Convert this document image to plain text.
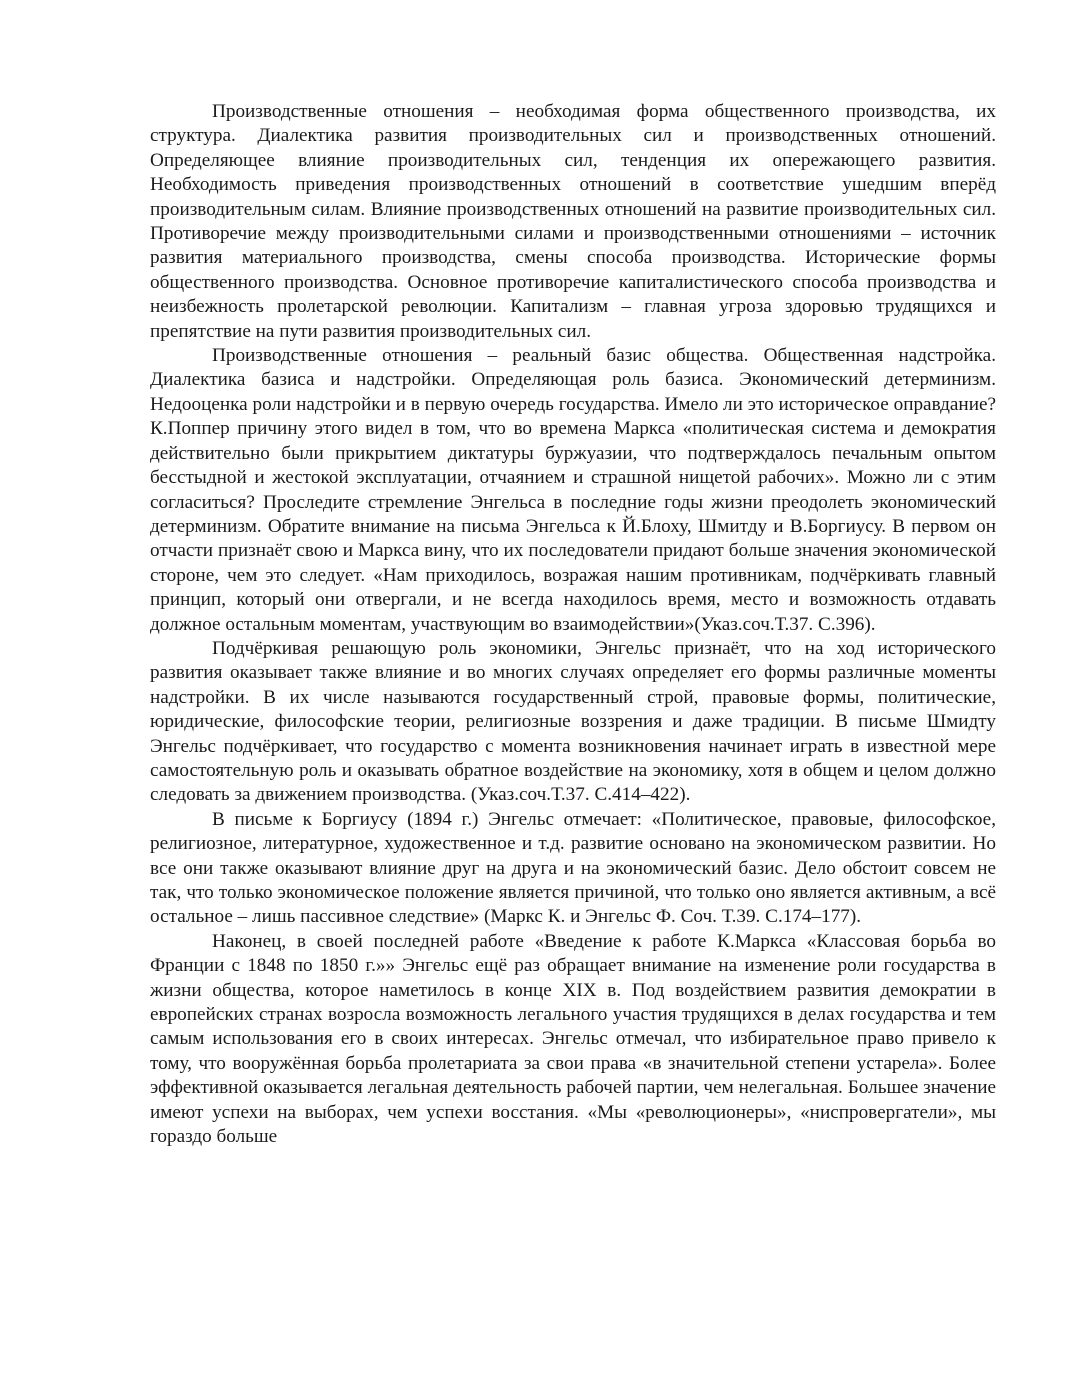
Производственные отношения – необходимая форма общественного производства, их структура. Диалектика развития производительных сил и производственных отношений. Определяющее влияние производительных сил, тенденция их опережающего развития. Необходимость приведения производственных отношений в соответствие ушедшим вперёд производительным силам. Влияние производственных отношений на развитие производительных сил. Противоречие между производительными силами и производственными отношениями – источник развития материального производства, смены способа производства. Исторические формы общественного производства. Основное противоречие капиталистического способа производства и неизбежность пролетарской революции. Капитализм – главная угроза здоровью трудящихся и препятствие на пути развития производительных сил.

Производственные отношения – реальный базис общества. Общественная надстройка. Диалектика базиса и надстройки. Определяющая роль базиса. Экономический детерминизм. Недооценка роли надстройки и в первую очередь государства. Имело ли это историческое оправдание? К.Поппер причину этого видел в том, что во времена Маркса «политическая система и демократия действительно были прикрытием диктатуры буржуазии, что подтверждалось печальным опытом бесстыдной и жестокой эксплуатации, отчаянием и страшной нищетой рабочих». Можно ли с этим согласиться? Проследите стремление Энгельса в последние годы жизни преодолеть экономический детерминизм. Обратите внимание на письма Энгельса к Й.Блоху, Шмитду и В.Боргиусу. В первом он отчасти признаёт свою и Маркса вину, что их последователи придают больше значения экономической стороне, чем это следует. «Нам приходилось, возражая нашим противникам, подчёркивать главный принцип, который они отвергали, и не всегда находилось время, место и возможность отдавать должное остальным моментам, участвующим во взаимодействии»(Указ.соч.Т.37. С.396).

Подчёркивая решающую роль экономики, Энгельс признаёт, что на ход исторического развития оказывает также влияние и во многих случаях определяет его формы различные моменты надстройки. В их числе называются государственный строй, правовые формы, политические, юридические, философские теории, религиозные воззрения и даже традиции. В письме Шмидту Энгельс подчёркивает, что государство с момента возникновения начинает играть в известной мере самостоятельную роль и оказывать обратное воздействие на экономику, хотя в общем и целом должно следовать за движением производства. (Указ.соч.Т.37. С.414–422).

В письме к Боргиусу (1894 г.) Энгельс отмечает: «Политическое, правовые, философское, религиозное, литературное, художественное и т.д. развитие основано на экономическом развитии. Но все они также оказывают влияние друг на друга и на экономический базис. Дело обстоит совсем не так, что только экономическое положение является причиной, что только оно является активным, а всё остальное – лишь пассивное следствие» (Маркс К. и Энгельс Ф. Соч. Т.39. С.174–177).

Наконец, в своей последней работе «Введение к работе К.Маркса «Классовая борьба во Франции с 1848 по 1850 г.»» Энгельс ещё раз обращает внимание на изменение роли государства в жизни общества, которое наметилось в конце XIX в. Под воздействием развития демократии в европейских странах возросла возможность легального участия трудящихся в делах государства и тем самым использования его в своих интересах. Энгельс отмечал, что избирательное право привело к тому, что вооружённая борьба пролетариата за свои права «в значительной степени устарела». Более эффективной оказывается легальная деятельность рабочей партии, чем нелегальная. Большее значение имеют успехи на выборах, чем успехи восстания. «Мы «революционеры», «ниспровергатели», мы гораздо больше
